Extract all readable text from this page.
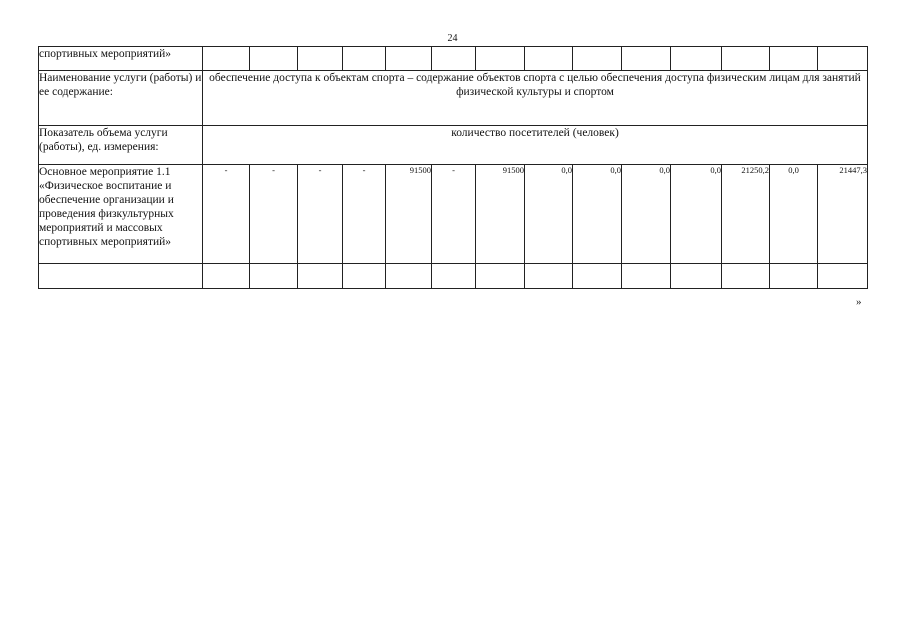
24
спортивных мероприятий»														
Наименование услуги (работы) и ее содержание:	обеспечение доступа к объектам спорта – содержание объектов спорта с целью обеспечения доступа физическим лицам для занятий физической культуры и спортом													
Показатель объема услуги (работы), ед. измерения:	количество посетителей (человек)													
Основное мероприятие 1.1 «Физическое воспитание и обеспечение организации и проведения физкультурных мероприятий и массовых спортивных мероприятий»	-	-	-	-	91500	-	91500	0,0	0,0	0,0	0,0	21250,2	0,0	21447,3

»
